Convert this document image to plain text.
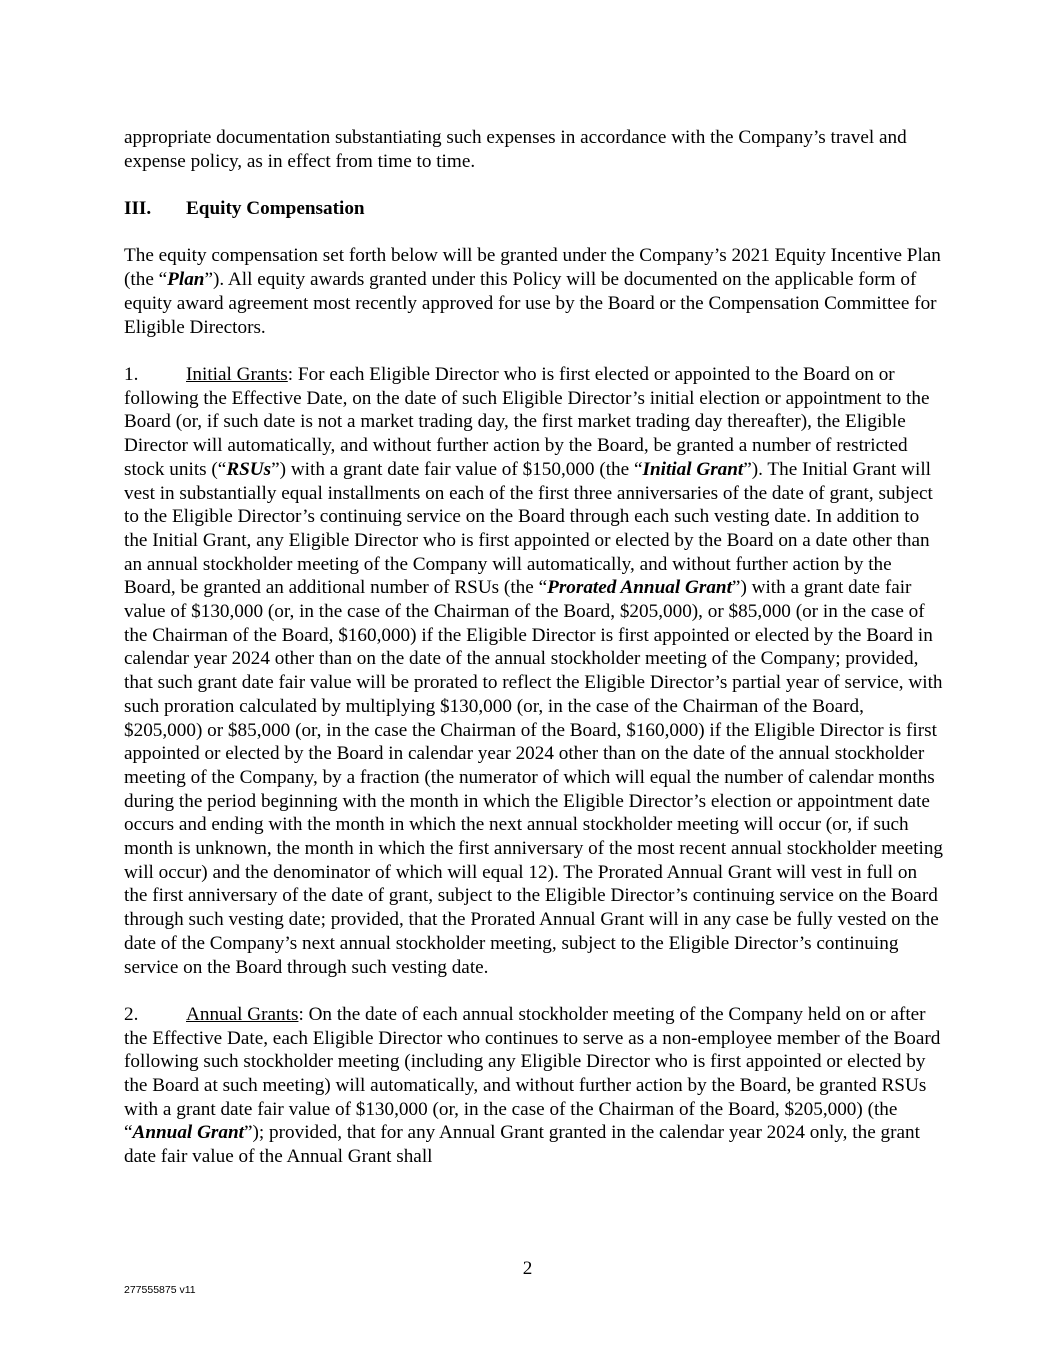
appropriate documentation substantiating such expenses in accordance with the Company’s travel and expense policy, as in effect from time to time.

III. Equity Compensation

The equity compensation set forth below will be granted under the Company’s 2021 Equity Incentive Plan (the “Plan”). All equity awards granted under this Policy will be documented on the applicable form of equity award agreement most recently approved for use by the Board or the Compensation Committee for Eligible Directors.

1. Initial Grants: For each Eligible Director who is first elected or appointed to the Board on or following the Effective Date, on the date of such Eligible Director’s initial election or appointment to the Board (or, if such date is not a market trading day, the first market trading day thereafter), the Eligible Director will automatically, and without further action by the Board, be granted a number of restricted stock units (“RSUs”) with a grant date fair value of $150,000 (the “Initial Grant”). The Initial Grant will vest in substantially equal installments on each of the first three anniversaries of the date of grant, subject to the Eligible Director’s continuing service on the Board through each such vesting date. In addition to the Initial Grant, any Eligible Director who is first appointed or elected by the Board on a date other than an annual stockholder meeting of the Company will automatically, and without further action by the Board, be granted an additional number of RSUs (the “Prorated Annual Grant”) with a grant date fair value of $130,000 (or, in the case of the Chairman of the Board, $205,000), or $85,000 (or in the case of the Chairman of the Board, $160,000) if the Eligible Director is first appointed or elected by the Board in calendar year 2024 other than on the date of the annual stockholder meeting of the Company; provided, that such grant date fair value will be prorated to reflect the Eligible Director’s partial year of service, with such proration calculated by multiplying $130,000 (or, in the case of the Chairman of the Board, $205,000) or $85,000 (or, in the case the Chairman of the Board, $160,000) if the Eligible Director is first appointed or elected by the Board in calendar year 2024 other than on the date of the annual stockholder meeting of the Company, by a fraction (the numerator of which will equal the number of calendar months during the period beginning with the month in which the Eligible Director’s election or appointment date occurs and ending with the month in which the next annual stockholder meeting will occur (or, if such month is unknown, the month in which the first anniversary of the most recent annual stockholder meeting will occur) and the denominator of which will equal 12). The Prorated Annual Grant will vest in full on the first anniversary of the date of grant, subject to the Eligible Director’s continuing service on the Board through such vesting date; provided, that the Prorated Annual Grant will in any case be fully vested on the date of the Company’s next annual stockholder meeting, subject to the Eligible Director’s continuing service on the Board through such vesting date.

2. Annual Grants: On the date of each annual stockholder meeting of the Company held on or after the Effective Date, each Eligible Director who continues to serve as a non-employee member of the Board following such stockholder meeting (including any Eligible Director who is first appointed or elected by the Board at such meeting) will automatically, and without further action by the Board, be granted RSUs with a grant date fair value of $130,000 (or, in the case of the Chairman of the Board, $205,000) (the “Annual Grant”); provided, that for any Annual Grant granted in the calendar year 2024 only, the grant date fair value of the Annual Grant shall

2
277555875 v11
